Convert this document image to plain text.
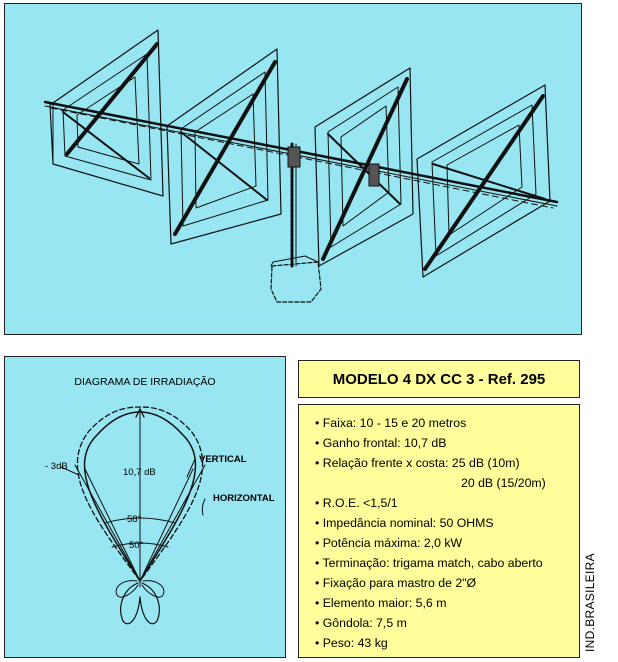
DIAGRAMA DE IRRADIAÇÃO
- 3dB
10,7 dB
VERTICAL
HORIZONTAL
58°
50°
MODELO 4 DX CC 3 - Ref. 295
• Faixa: 10 - 15 e 20 metros
• Ganho frontal: 10,7 dB
• Relação frente x costa: 25 dB (10m)
20 dB (15/20m)
• R.O.E. <1,5/1
• Impedância nominal: 50 OHMS
• Potência máxima: 2,0 kW
• Terminação: trigama match, cabo aberto
• Fixação para mastro de 2"Ø
• Elemento maior: 5,6 m
• Gôndola: 7,5 m
• Peso: 43 kg	IND.BRASILEIRA
